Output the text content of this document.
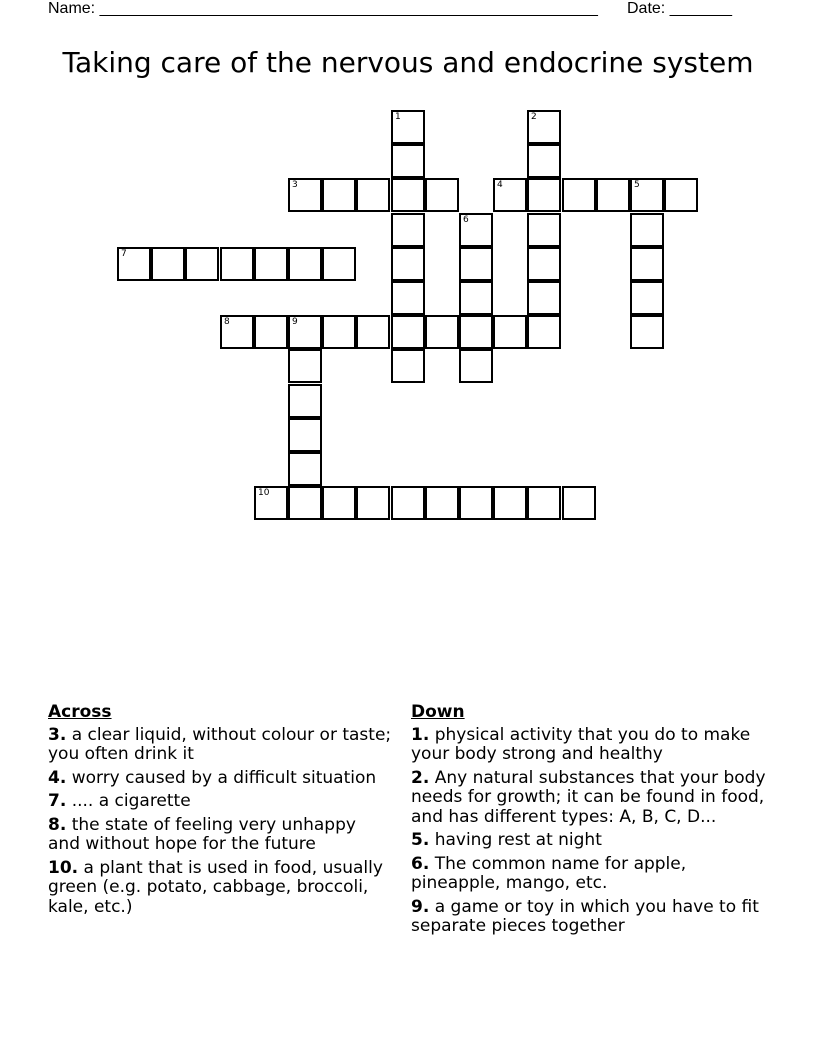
Name: ________________________________________________________ Date: _______
Taking care of the nervous and endocrine system
1	2
3	4	5
6
7
8	9
10
Across
3. a clear liquid, without colour or taste; you often drink it
4. worry caused by a difficult situation
7. .... a cigarette
8. the state of feeling very unhappy and without hope for the future
10. a plant that is used in food, usually green (e.g. potato, cabbage, broccoli, kale, etc.)
Down
1. physical activity that you do to make your body strong and healthy
2. Any natural substances that your body needs for growth; it can be found in food, and has different types: A, B, C, D...
5. having rest at night
6. The common name for apple, pineapple, mango, etc.
9. a game or toy in which you have to fit separate pieces together
